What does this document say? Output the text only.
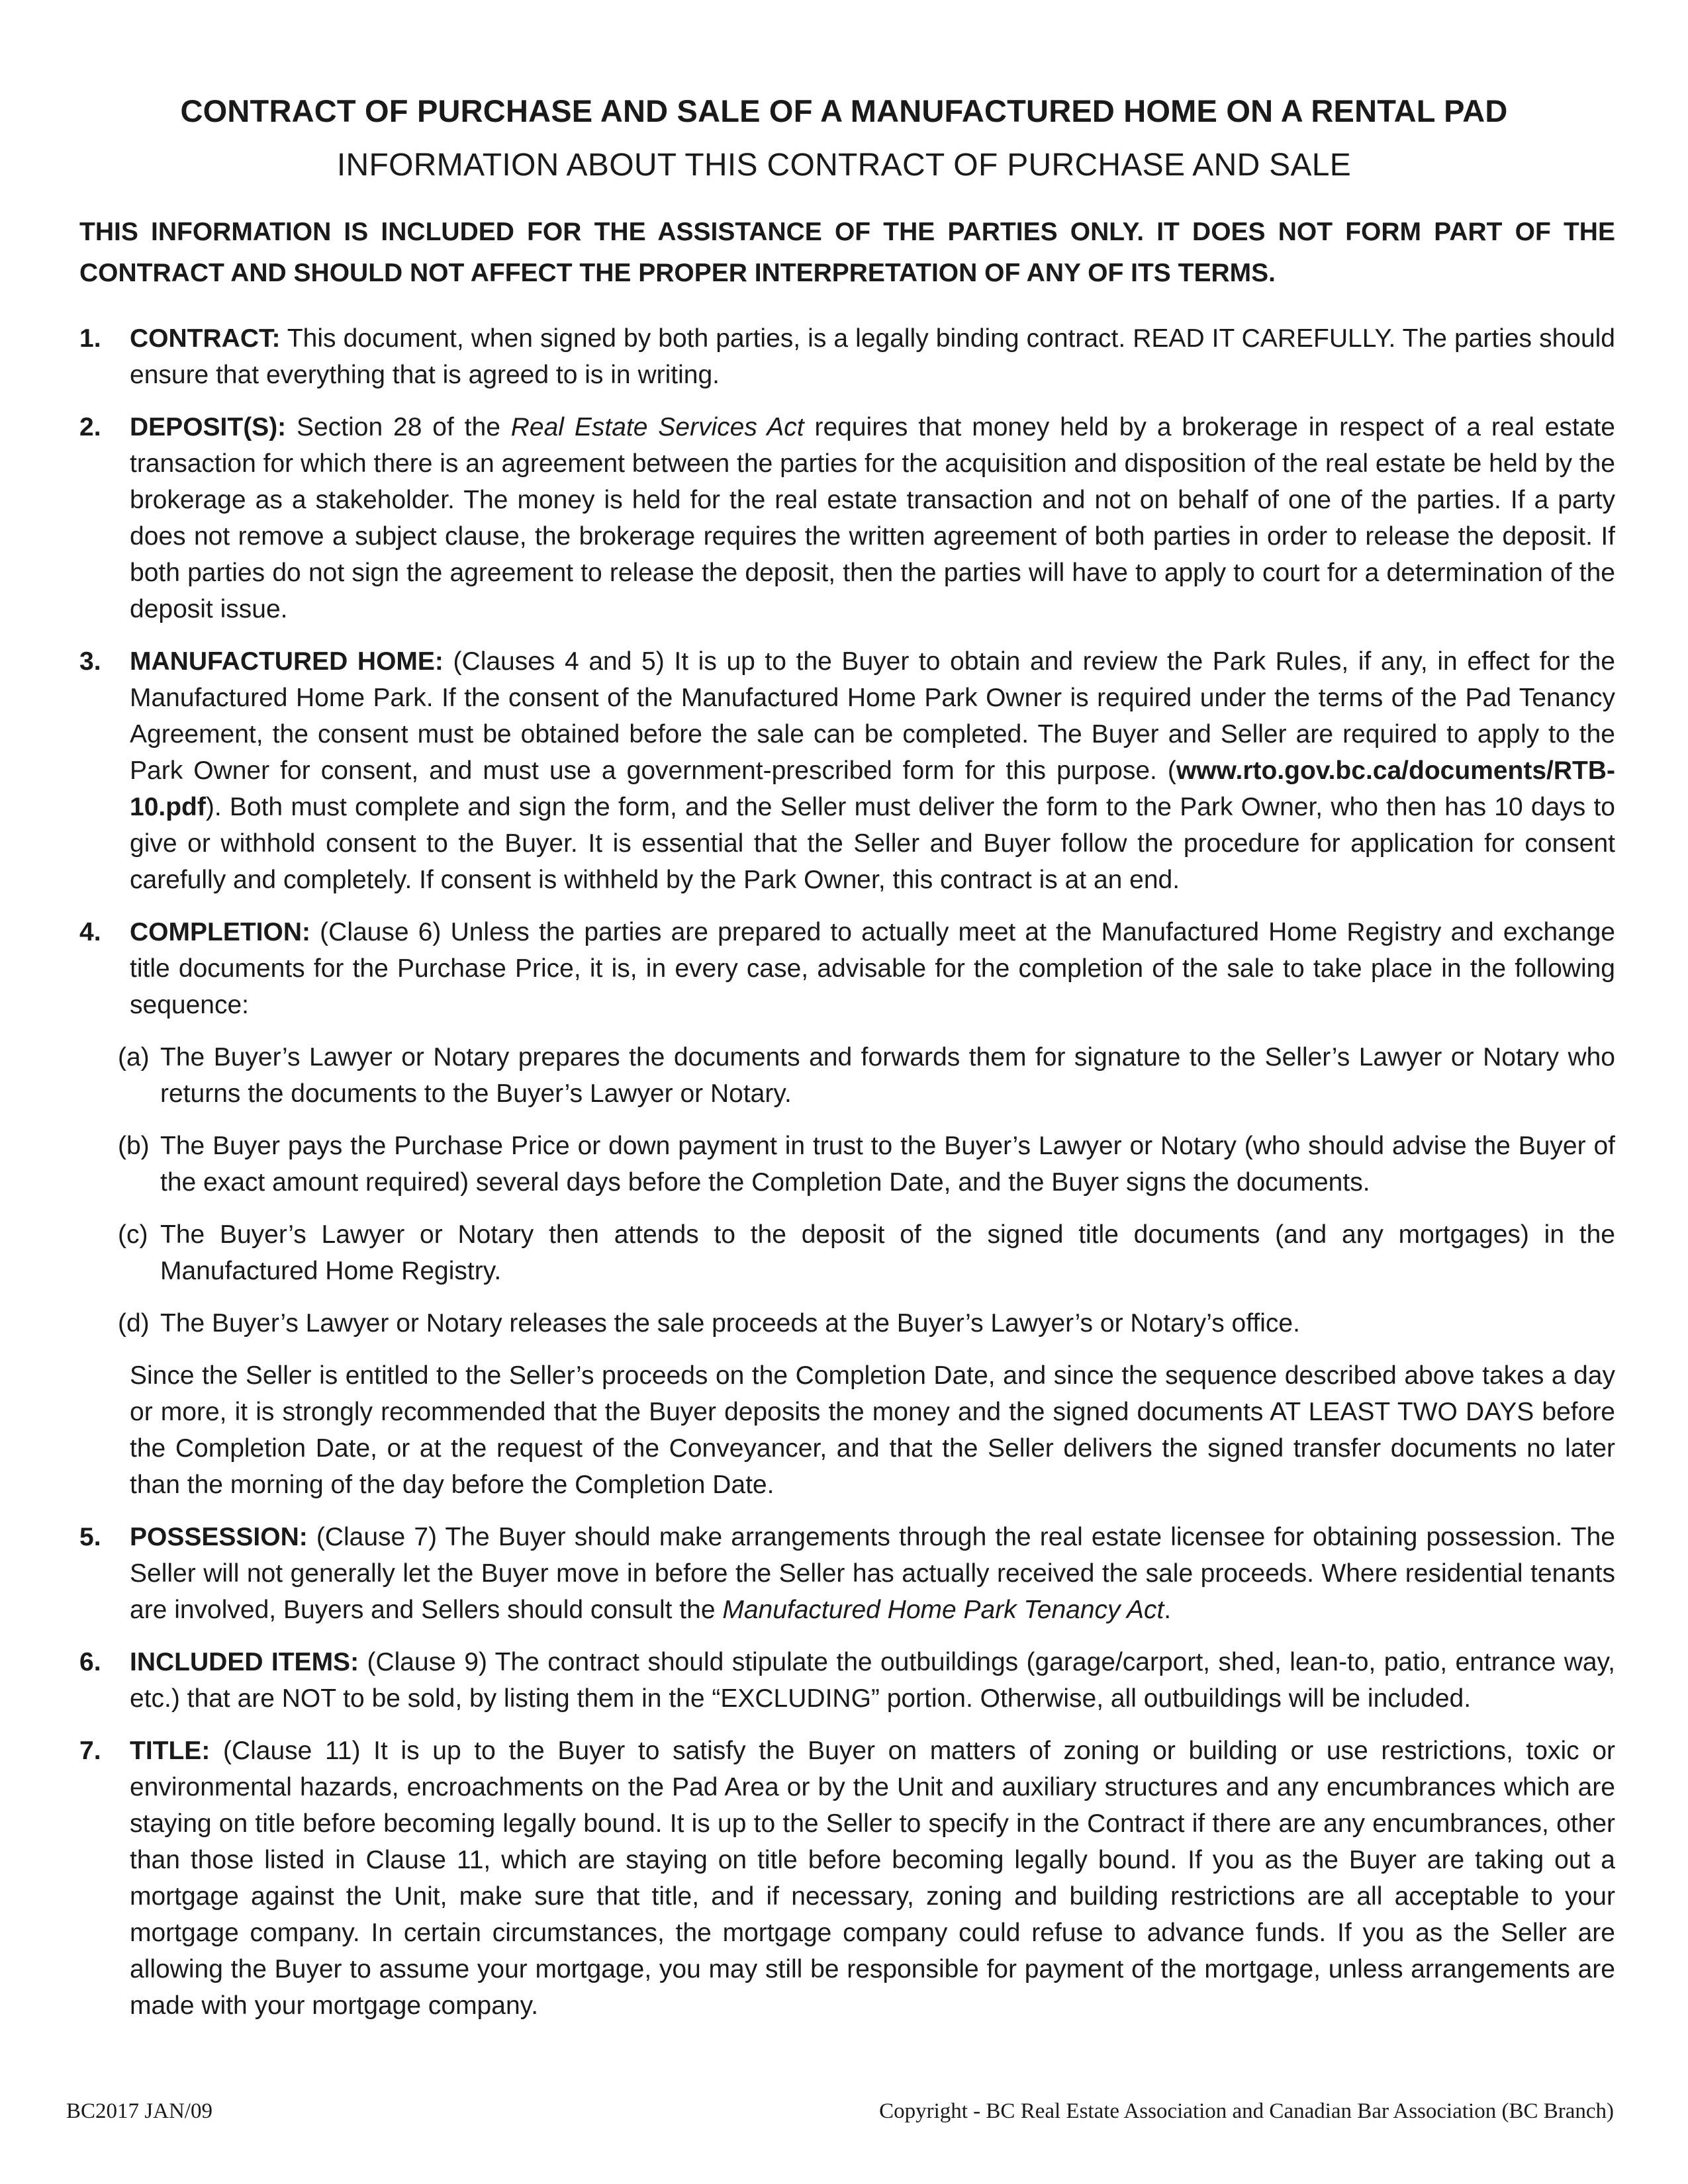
CONTRACT OF PURCHASE AND SALE OF A MANUFACTURED HOME ON A RENTAL PAD
INFORMATION ABOUT THIS CONTRACT OF PURCHASE AND SALE
THIS INFORMATION IS INCLUDED FOR THE ASSISTANCE OF THE PARTIES ONLY. IT DOES NOT FORM PART OF THE CONTRACT AND SHOULD NOT AFFECT THE PROPER INTERPRETATION OF ANY OF ITS TERMS.
1. CONTRACT: This document, when signed by both parties, is a legally binding contract. READ IT CAREFULLY. The parties should ensure that everything that is agreed to is in writing.
2. DEPOSIT(S): Section 28 of the Real Estate Services Act requires that money held by a brokerage in respect of a real estate transaction for which there is an agreement between the parties for the acquisition and disposition of the real estate be held by the brokerage as a stakeholder. The money is held for the real estate transaction and not on behalf of one of the parties. If a party does not remove a subject clause, the brokerage requires the written agreement of both parties in order to release the deposit. If both parties do not sign the agreement to release the deposit, then the parties will have to apply to court for a determination of the deposit issue.
3. MANUFACTURED HOME: (Clauses 4 and 5) It is up to the Buyer to obtain and review the Park Rules, if any, in effect for the Manufactured Home Park. If the consent of the Manufactured Home Park Owner is required under the terms of the Pad Tenancy Agreement, the consent must be obtained before the sale can be completed. The Buyer and Seller are required to apply to the Park Owner for consent, and must use a government-prescribed form for this purpose. (www.rto.gov.bc.ca/documents/RTB-10.pdf). Both must complete and sign the form, and the Seller must deliver the form to the Park Owner, who then has 10 days to give or withhold consent to the Buyer. It is essential that the Seller and Buyer follow the procedure for application for consent carefully and completely. If consent is withheld by the Park Owner, this contract is at an end.
4. COMPLETION: (Clause 6) Unless the parties are prepared to actually meet at the Manufactured Home Registry and exchange title documents for the Purchase Price, it is, in every case, advisable for the completion of the sale to take place in the following sequence:
(a) The Buyer’s Lawyer or Notary prepares the documents and forwards them for signature to the Seller’s Lawyer or Notary who returns the documents to the Buyer’s Lawyer or Notary.
(b) The Buyer pays the Purchase Price or down payment in trust to the Buyer’s Lawyer or Notary (who should advise the Buyer of the exact amount required) several days before the Completion Date, and the Buyer signs the documents.
(c) The Buyer’s Lawyer or Notary then attends to the deposit of the signed title documents (and any mortgages) in the Manufactured Home Registry.
(d) The Buyer’s Lawyer or Notary releases the sale proceeds at the Buyer’s Lawyer’s or Notary’s office.
Since the Seller is entitled to the Seller’s proceeds on the Completion Date, and since the sequence described above takes a day or more, it is strongly recommended that the Buyer deposits the money and the signed documents AT LEAST TWO DAYS before the Completion Date, or at the request of the Conveyancer, and that the Seller delivers the signed transfer documents no later than the morning of the day before the Completion Date.
5. POSSESSION: (Clause 7) The Buyer should make arrangements through the real estate licensee for obtaining possession. The Seller will not generally let the Buyer move in before the Seller has actually received the sale proceeds. Where residential tenants are involved, Buyers and Sellers should consult the Manufactured Home Park Tenancy Act.
6. INCLUDED ITEMS: (Clause 9) The contract should stipulate the outbuildings (garage/carport, shed, lean-to, patio, entrance way, etc.) that are NOT to be sold, by listing them in the “EXCLUDING” portion. Otherwise, all outbuildings will be included.
7. TITLE: (Clause 11) It is up to the Buyer to satisfy the Buyer on matters of zoning or building or use restrictions, toxic or environmental hazards, encroachments on the Pad Area or by the Unit and auxiliary structures and any encumbrances which are staying on title before becoming legally bound. It is up to the Seller to specify in the Contract if there are any encumbrances, other than those listed in Clause 11, which are staying on title before becoming legally bound. If you as the Buyer are taking out a mortgage against the Unit, make sure that title, and if necessary, zoning and building restrictions are all acceptable to your mortgage company. In certain circumstances, the mortgage company could refuse to advance funds. If you as the Seller are allowing the Buyer to assume your mortgage, you may still be responsible for payment of the mortgage, unless arrangements are made with your mortgage company.
BC2017 JAN/09	Copyright - BC Real Estate Association and Canadian Bar Association (BC Branch)
